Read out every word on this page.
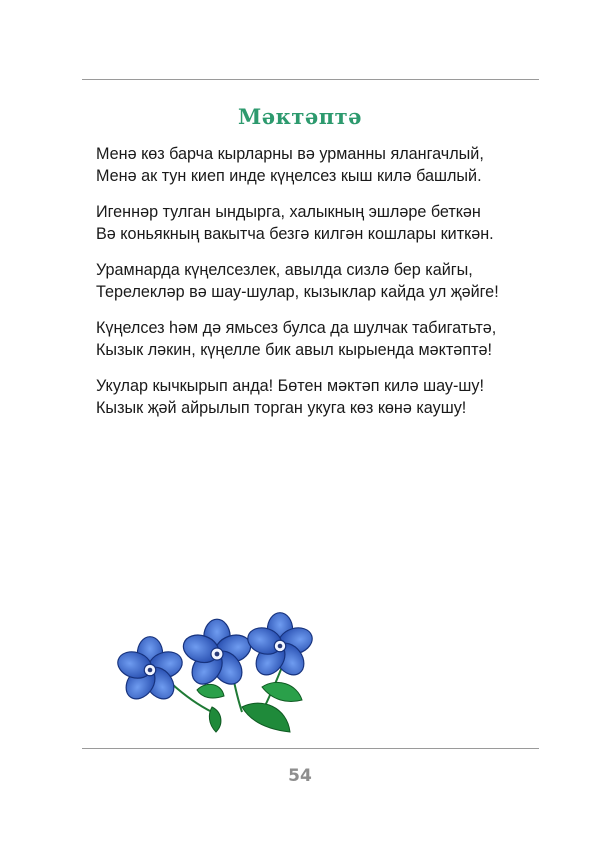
Мәктәптә

Менә көз барча кырларны вә урманны ялангачлый,
Менә ак тун киеп инде күңелсез кыш килә башлый.

Игеннәр тулган ындырга, халыкның эшләре беткән
Вә коньякның вакытча безгә килгән кошлары киткән.

Урамнарда күңелсезлек, авылда сизлә бер кайгы,
Терелекләр вә шау-шулар, кызыклар кайда ул җәйге!

Күңелсез һәм дә ямьсез булса да шулчак табигатьтә,
Кызык ләкин, күңелле бик авыл кырыенда мәктәптә!

Укулар кычкырып анда! Бөтен мәктәп килә шау-шу!
Кызык җәй айрылып торган укуга көз көнә каушу!

54
